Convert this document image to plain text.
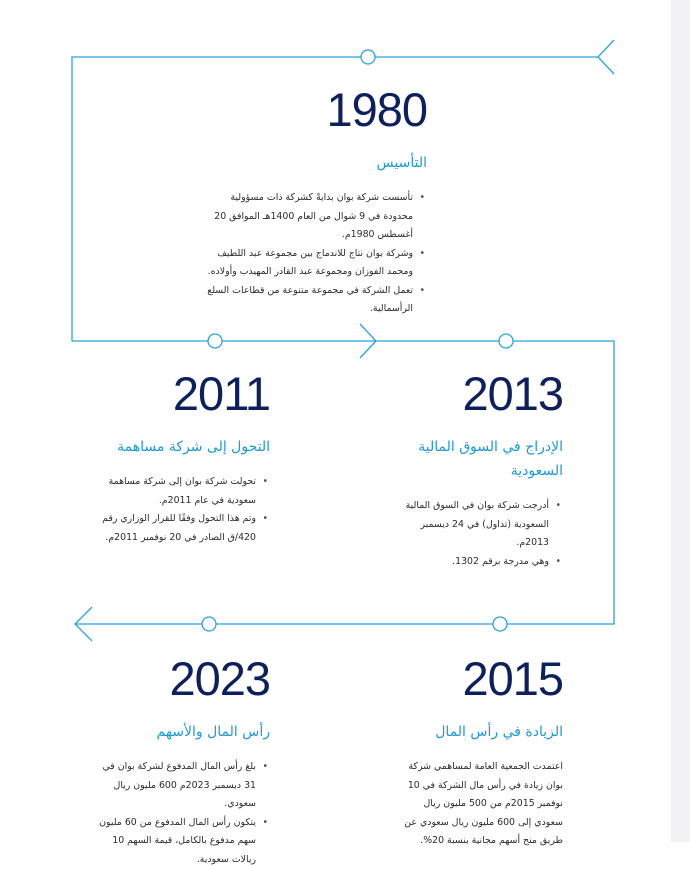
1980
التأسيس
• تأسست شركة بوان بدايةً كشركة ذات مسؤولية محدودة في 9 شوال من العام 1400هـ الموافق 20 أغسطس 1980م.
• وشركة بوان نتاج للاندماج بين مجموعة عبد اللطيف ومحمد الفوزان ومجموعة عبد القادر المهيدب وأولاده.
• تعمل الشركة في مجموعة متنوعة من قطاعات السلع الرأسمالية.
2011
التحول إلى شركة مساهمة
• تحولت شركة بوان إلى شركة مساهمة سعودية في عام 2011م.
• وتم هذا التحول وفقًا للقرار الوزاري رقم 420/ق الصادر في 20 نوفمبر 2011م.
2013
الإدراج في السوق المالية السعودية
• أدرجت شركة بوان في السوق المالية السعودية (تداول) في 24 ديسمبر 2013م.
• وهي مدرجة برقم 1302.
2023
رأس المال والأسهم
• بلغ رأس المال المدفوع لشركة بوان في 31 ديسمبر 2023م 600 مليون ريال سعودي.
• يتكون رأس المال المدفوع من 60 مليون سهم مدفوع بالكامل، قيمة السهم 10 ريالات سعودية.
2015
الزيادة في رأس المال

اعتمدت الجمعية العامة لمساهمي شركة بوان زيادة في رأس مال الشركة في 10 نوفمبر 2015م من 500 مليون ريال سعودي إلى 600 مليون ريال سعودي عن طريق منح أسهم مجانية بنسبة 20%.
